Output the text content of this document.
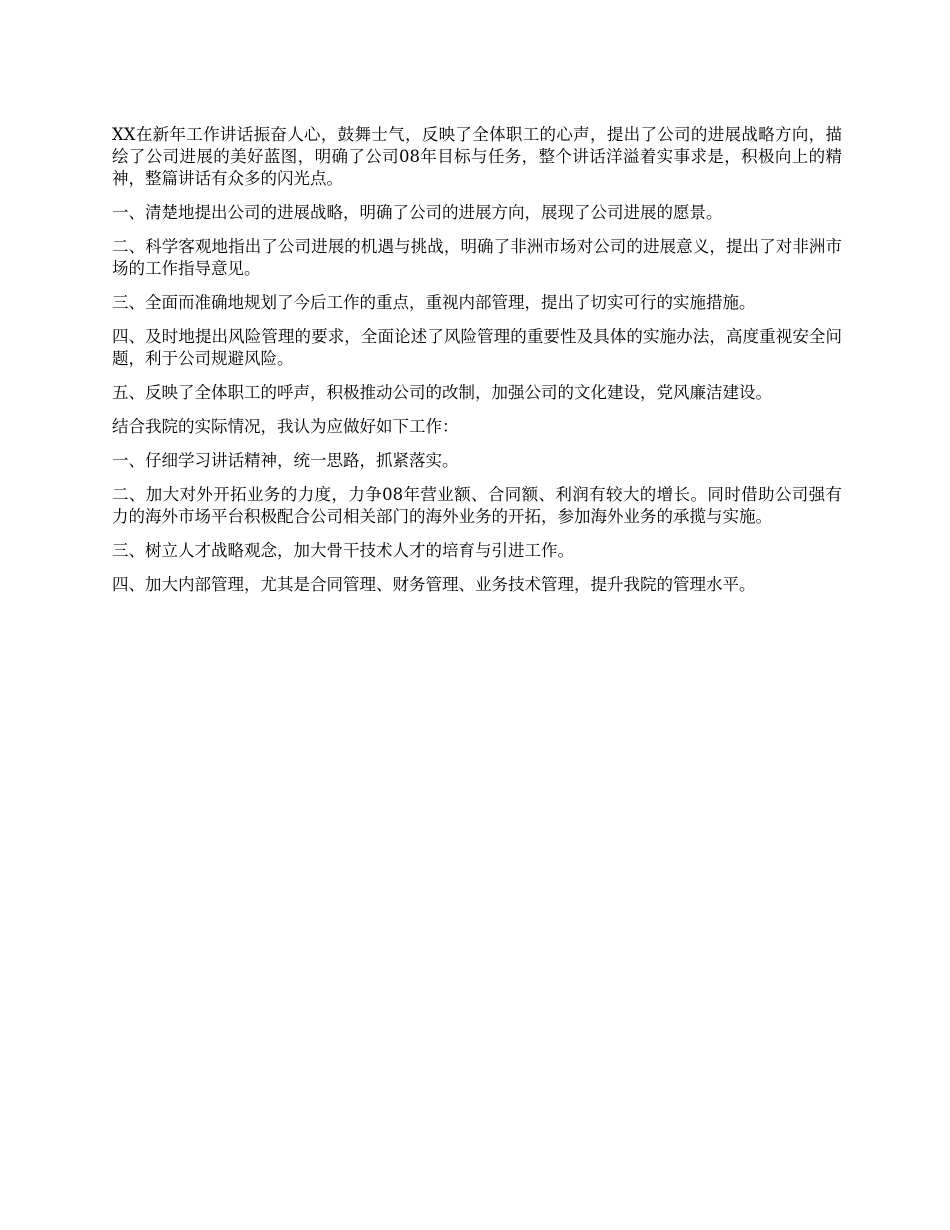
XX在新年工作讲话振奋人心，鼓舞士气，反映了全体职工的心声，提出了公司的进展战略方向，描绘了公司进展的美好蓝图，明确了公司08年目标与任务，整个讲话洋溢着实事求是，积极向上的精神，整篇讲话有众多的闪光点。

一、清楚地提出公司的进展战略，明确了公司的进展方向，展现了公司进展的愿景。

二、科学客观地指出了公司进展的机遇与挑战，明确了非洲市场对公司的进展意义，提出了对非洲市场的工作指导意见。

三、全面而准确地规划了今后工作的重点，重视内部管理，提出了切实可行的实施措施。

四、及时地提出风险管理的要求，全面论述了风险管理的重要性及具体的实施办法，高度重视安全问题，利于公司规避风险。

五、反映了全体职工的呼声，积极推动公司的改制，加强公司的文化建设，党风廉洁建设。

结合我院的实际情况，我认为应做好如下工作：

一、仔细学习讲话精神，统一思路，抓紧落实。

二、加大对外开拓业务的力度，力争08年营业额、合同额、利润有较大的增长。同时借助公司强有力的海外市场平台积极配合公司相关部门的海外业务的开拓，参加海外业务的承揽与实施。

三、树立人才战略观念，加大骨干技术人才的培育与引进工作。

四、加大内部管理，尤其是合同管理、财务管理、业务技术管理，提升我院的管理水平。
